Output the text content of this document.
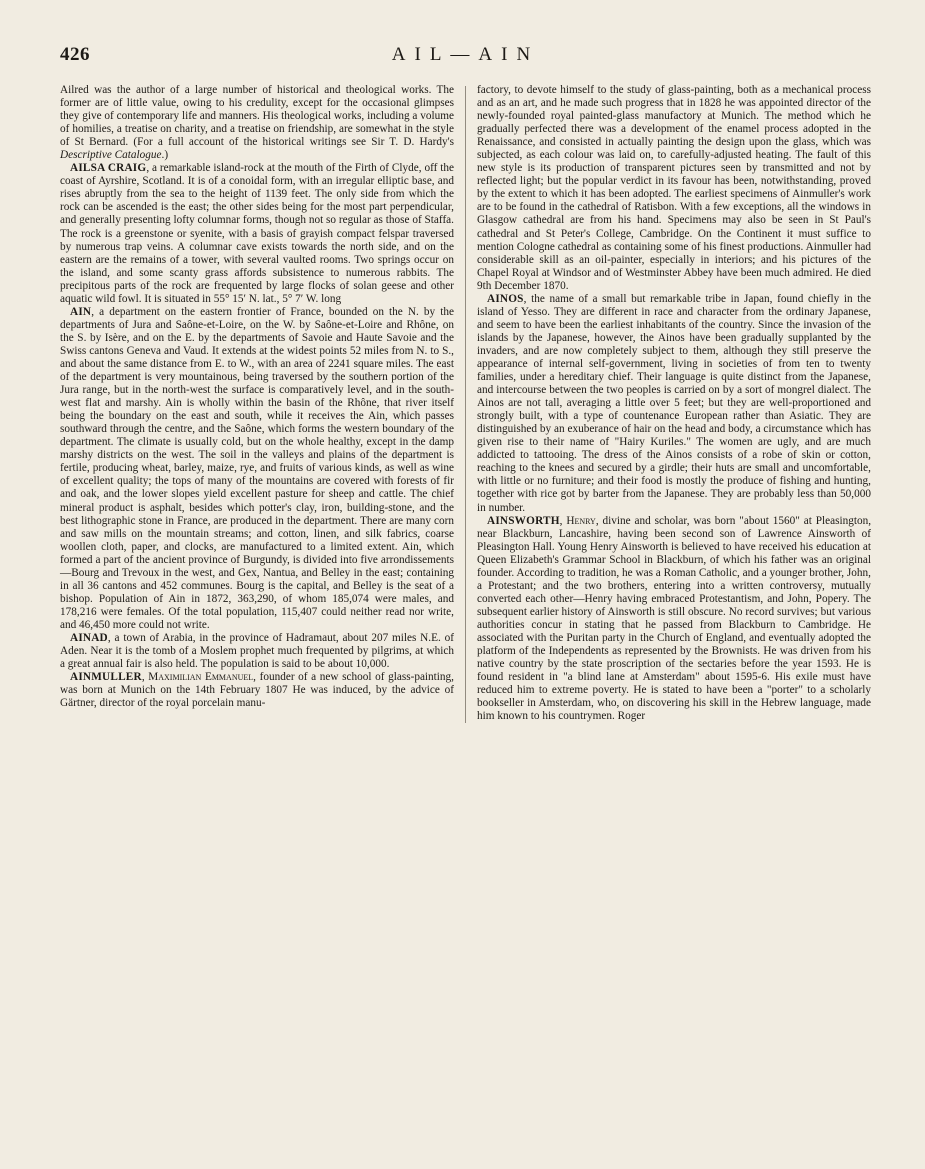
426	AIL—AIN

Ailred was the author of a large number of historical and theological works. The former are of little value, owing to his credulity, except for the occasional glimpses they give of contemporary life and manners. His theological works, including a volume of homilies, a treatise on charity, and a treatise on friendship, are somewhat in the style of St Bernard. (For a full account of the historical writings see Sir T. D. Hardy's Descriptive Catalogue.)

AILSA CRAIG, a remarkable island-rock at the mouth of the Firth of Clyde, off the coast of Ayrshire, Scotland. It is of a conoidal form, with an irregular elliptic base, and rises abruptly from the sea to the height of 1139 feet. The only side from which the rock can be ascended is the east; the other sides being for the most part perpendicular, and generally presenting lofty columnar forms, though not so regular as those of Staffa. The rock is a greenstone or syenite, with a basis of grayish compact felspar traversed by numerous trap veins. A columnar cave exists towards the north side, and on the eastern are the remains of a tower, with several vaulted rooms. Two springs occur on the island, and some scanty grass affords subsistence to numerous rabbits. The precipitous parts of the rock are frequented by large flocks of solan geese and other aquatic wild fowl. It is situated in 55° 15′ N. lat., 5° 7′ W. long

AIN, a department on the eastern frontier of France, bounded on the N. by the departments of Jura and Saône-et-Loire, on the W. by Saône-et-Loire and Rhône, on the S. by Isère, and on the E. by the departments of Savoie and Haute Savoie and the Swiss cantons Geneva and Vaud. It extends at the widest points 52 miles from N. to S., and about the same distance from E. to W., with an area of 2241 square miles. The east of the department is very mountainous, being traversed by the southern portion of the Jura range, but in the north-west the surface is comparatively level, and in the south-west flat and marshy. Ain is wholly within the basin of the Rhône, that river itself being the boundary on the east and south, while it receives the Ain, which passes southward through the centre, and the Saône, which forms the western boundary of the department. The climate is usually cold, but on the whole healthy, except in the damp marshy districts on the west. The soil in the valleys and plains of the department is fertile, producing wheat, barley, maize, rye, and fruits of various kinds, as well as wine of excellent quality; the tops of many of the mountains are covered with forests of fir and oak, and the lower slopes yield excellent pasture for sheep and cattle. The chief mineral product is asphalt, besides which potter's clay, iron, building-stone, and the best lithographic stone in France, are produced in the department. There are many corn and saw mills on the mountain streams; and cotton, linen, and silk fabrics, coarse woollen cloth, paper, and clocks, are manufactured to a limited extent. Ain, which formed a part of the ancient province of Burgundy, is divided into five arrondissements—Bourg and Trevoux in the west, and Gex, Nantua, and Belley in the east; containing in all 36 cantons and 452 communes. Bourg is the capital, and Belley is the seat of a bishop. Population of Ain in 1872, 363,290, of whom 185,074 were males, and 178,216 were females. Of the total population, 115,407 could neither read nor write, and 46,450 more could not write.

AINAD, a town of Arabia, in the province of Hadramaut, about 207 miles N.E. of Aden. Near it is the tomb of a Moslem prophet much frequented by pilgrims, at which a great annual fair is also held. The population is said to be about 10,000.

AINMULLER, Maximilian Emmanuel, founder of a new school of glass-painting, was born at Munich on the 14th February 1807 He was induced, by the advice of Gärtner, director of the royal porcelain manu-

factory, to devote himself to the study of glass-painting, both as a mechanical process and as an art, and he made such progress that in 1828 he was appointed director of the newly-founded royal painted-glass manufactory at Munich. The method which he gradually perfected there was a development of the enamel process adopted in the Renaissance, and consisted in actually painting the design upon the glass, which was subjected, as each colour was laid on, to carefully-adjusted heating. The fault of this new style is its production of transparent pictures seen by transmitted and not by reflected light; but the popular verdict in its favour has been, notwithstanding, proved by the extent to which it has been adopted. The earliest specimens of Ainmuller's work are to be found in the cathedral of Ratisbon. With a few exceptions, all the windows in Glasgow cathedral are from his hand. Specimens may also be seen in St Paul's cathedral and St Peter's College, Cambridge. On the Continent it must suffice to mention Cologne cathedral as containing some of his finest productions. Ainmuller had considerable skill as an oil-painter, especially in interiors; and his pictures of the Chapel Royal at Windsor and of Westminster Abbey have been much admired. He died 9th December 1870.

AINOS, the name of a small but remarkable tribe in Japan, found chiefly in the island of Yesso. They are different in race and character from the ordinary Japanese, and seem to have been the earliest inhabitants of the country. Since the invasion of the islands by the Japanese, however, the Ainos have been gradually supplanted by the invaders, and are now completely subject to them, although they still preserve the appearance of internal self-government, living in societies of from ten to twenty families, under a hereditary chief. Their language is quite distinct from the Japanese, and intercourse between the two peoples is carried on by a sort of mongrel dialect. The Ainos are not tall, averaging a little over 5 feet; but they are well-proportioned and strongly built, with a type of countenance European rather than Asiatic. They are distinguished by an exuberance of hair on the head and body, a circumstance which has given rise to their name of "Hairy Kuriles." The women are ugly, and are much addicted to tattooing. The dress of the Ainos consists of a robe of skin or cotton, reaching to the knees and secured by a girdle; their huts are small and uncomfortable, with little or no furniture; and their food is mostly the produce of fishing and hunting, together with rice got by barter from the Japanese. They are probably less than 50,000 in number.

AINSWORTH, Henry, divine and scholar, was born "about 1560" at Pleasington, near Blackburn, Lancashire, having been second son of Lawrence Ainsworth of Pleasington Hall. Young Henry Ainsworth is believed to have received his education at Queen Elizabeth's Grammar School in Blackburn, of which his father was an original founder. According to tradition, he was a Roman Catholic, and a younger brother, John, a Protestant; and the two brothers, entering into a written controversy, mutually converted each other—Henry having embraced Protestantism, and John, Popery. The subsequent earlier history of Ainsworth is still obscure. No record survives; but various authorities concur in stating that he passed from Blackburn to Cambridge. He associated with the Puritan party in the Church of England, and eventually adopted the platform of the Independents as represented by the Brownists. He was driven from his native country by the state proscription of the sectaries before the year 1593. He is found resident in "a blind lane at Amsterdam" about 1595-6. His exile must have reduced him to extreme poverty. He is stated to have been a "porter" to a scholarly bookseller in Amsterdam, who, on discovering his skill in the Hebrew language, made him known to his countrymen. Roger
